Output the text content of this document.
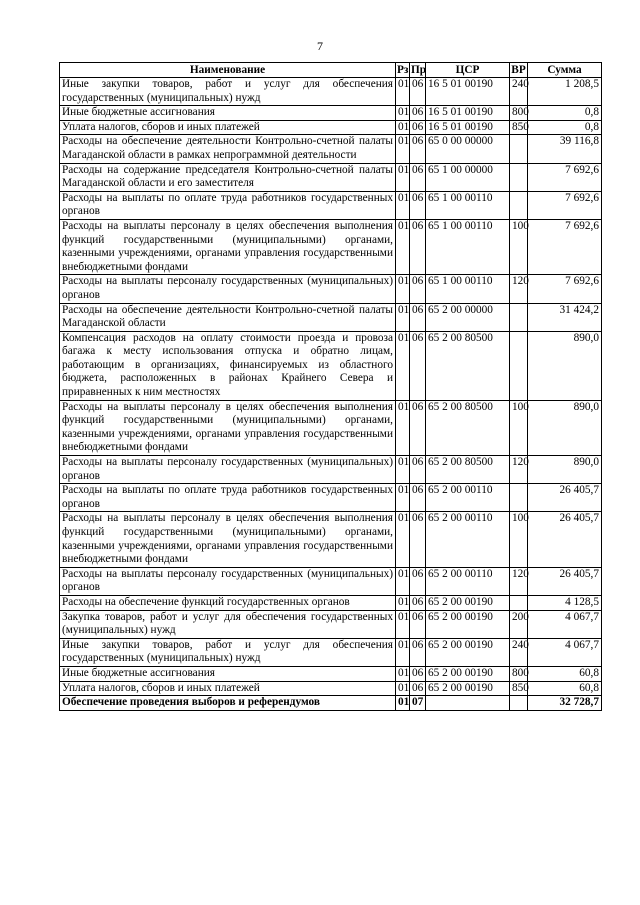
7
Наименование	Рз	Пр	ЦСР	ВР	Сумма
Иные закупки товаров, работ и услуг для обеспечения государственных (муниципальных) нужд	01	06	16 5 01 00190	240	1 208,5
Иные бюджетные ассигнования	01	06	16 5 01 00190	800	0,8
Уплата налогов, сборов и иных платежей	01	06	16 5 01 00190	850	0,8
Расходы на обеспечение деятельности Контрольно-счетной палаты Магаданской области в рамках непрограммной деятельности	01	06	65 0 00 00000		39 116,8
Расходы на содержание председателя Контрольно-счетной палаты Магаданской области и его заместителя	01	06	65 1 00 00000		7 692,6
Расходы на выплаты по оплате труда работников государственных органов	01	06	65 1 00 00110		7 692,6
Расходы на выплаты персоналу в целях обеспечения выполнения функций государственными (муниципальными) органами, казенными учреждениями, органами управления государственными внебюджетными фондами	01	06	65 1 00 00110	100	7 692,6
Расходы на выплаты персоналу государственных (муниципальных) органов	01	06	65 1 00 00110	120	7 692,6
Расходы на обеспечение деятельности Контрольно-счетной палаты Магаданской области	01	06	65 2 00 00000		31 424,2
Компенсация расходов на оплату стоимости проезда и провоза багажа к месту использования отпуска и обратно лицам, работающим в организациях, финансируемых из областного бюджета, расположенных в районах Крайнего Севера и приравненных к ним местностях	01	06	65 2 00 80500		890,0
Расходы на выплаты персоналу в целях обеспечения выполнения функций государственными (муниципальными) органами, казенными учреждениями, органами управления государственными внебюджетными фондами	01	06	65 2 00 80500	100	890,0
Расходы на выплаты персоналу государственных (муниципальных) органов	01	06	65 2 00 80500	120	890,0
Расходы на выплаты по оплате труда работников государственных органов	01	06	65 2 00 00110		26 405,7
Расходы на выплаты персоналу в целях обеспечения выполнения функций государственными (муниципальными) органами, казенными учреждениями, органами управления государственными внебюджетными фондами	01	06	65 2 00 00110	100	26 405,7
Расходы на выплаты персоналу государственных (муниципальных) органов	01	06	65 2 00 00110	120	26 405,7
Расходы на обеспечение функций государственных органов	01	06	65 2 00 00190		4 128,5
Закупка товаров, работ и услуг для обеспечения государственных (муниципальных) нужд	01	06	65 2 00 00190	200	4 067,7
Иные закупки товаров, работ и услуг для обеспечения государственных (муниципальных) нужд	01	06	65 2 00 00190	240	4 067,7
Иные бюджетные ассигнования	01	06	65 2 00 00190	800	60,8
Уплата налогов, сборов и иных платежей	01	06	65 2 00 00190	850	60,8
Обеспечение проведения выборов и референдумов	01	07			32 728,7
